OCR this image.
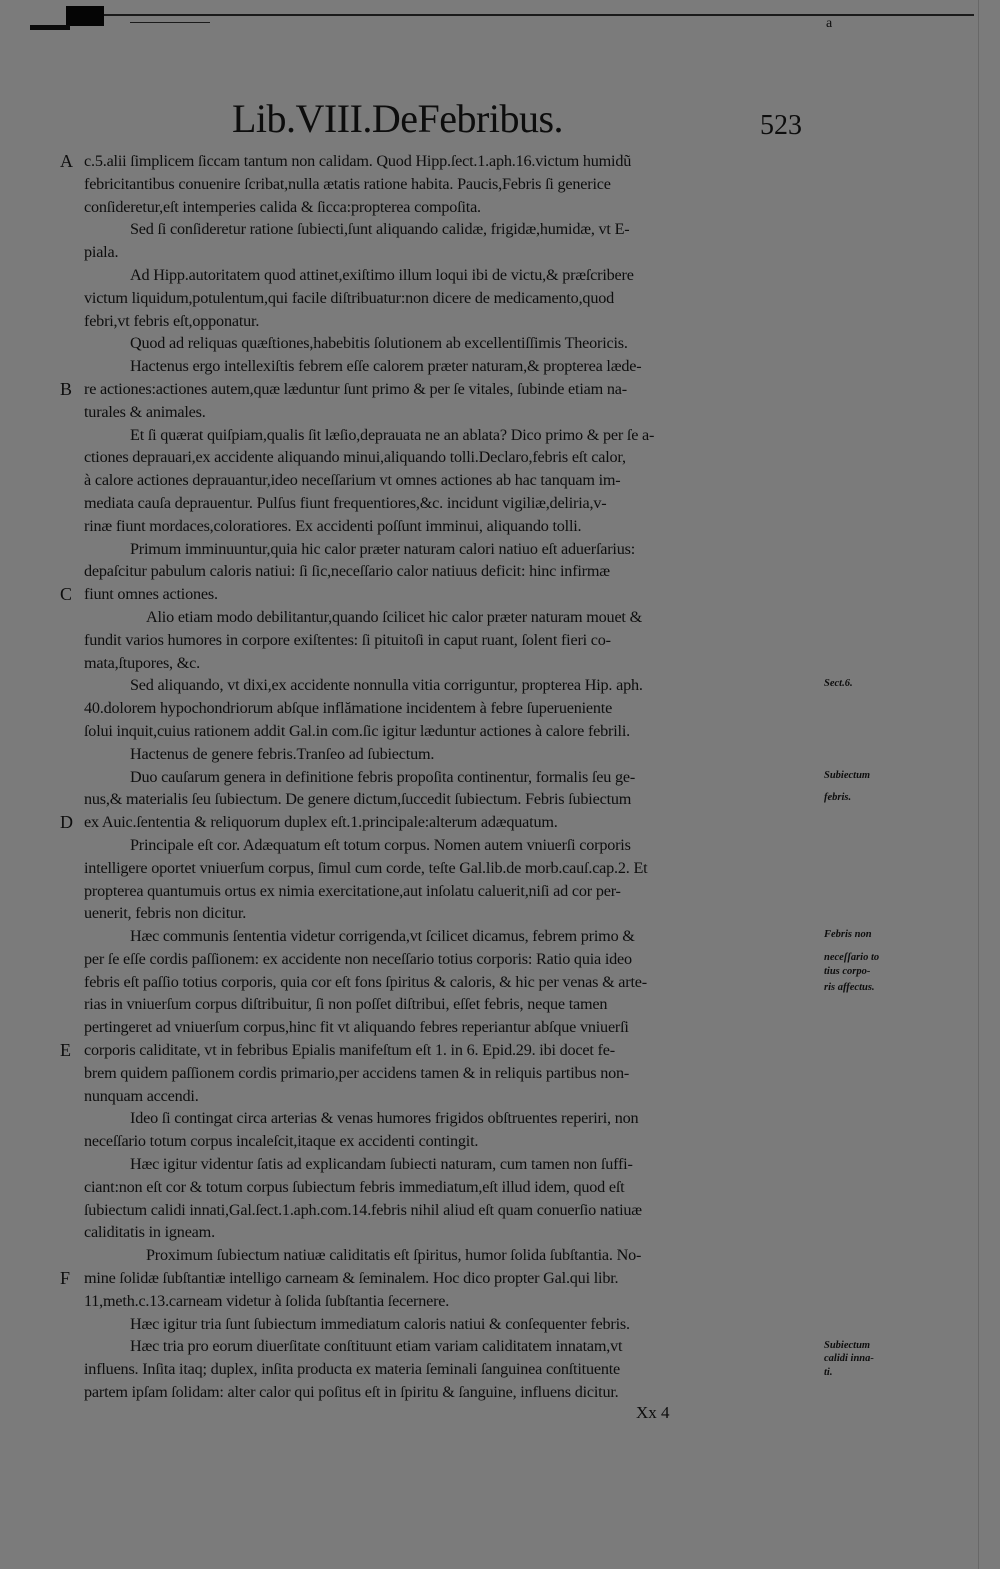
a
Lib.VIII.DeFebribus.	523
A c.5.alii ſimplicem ſiccam tantum non calidam. Quod Hipp.ſect.1.aph.16.victum humidũ
febricitantibus conuenire ſcribat,nulla ætatis ratione habita. Paucis,Febris ſi generice
conſideretur,eſt intemperies calida & ſicca:propterea compoſita.
Sed ſi conſideretur ratione ſubiecti,ſunt aliquando calidæ, frigidæ,humidæ, vt E-
piala.
Ad Hipp.autoritatem quod attinet,exiſtimo illum loqui ibi de victu,& præſcribere
victum liquidum,potulentum,qui facile diſtribuatur:non dicere de medicamento,quod
febri,vt febris eſt,opponatur.
Quod ad reliquas quæſtiones,habebitis ſolutionem ab excellentiſſimis Theoricis.
Hactenus ergo intellexiſtis febrem eſſe calorem præter naturam,& propterea læde-
B re actiones:actiones autem,quæ læduntur ſunt primo & per ſe vitales, ſubinde etiam na-
turales & animales.
Et ſi quærat quiſpiam,qualis ſit læſio,deprauata ne an ablata? Dico primo & per ſe a-
ctiones deprauari,ex accidente aliquando minui,aliquando tolli.Declaro,febris eſt calor,
à calore actiones deprauantur,ideo neceſſarium vt omnes actiones ab hac tanquam im-
mediata cauſa deprauentur. Pulſus fiunt frequentiores,&c. incidunt vigiliæ,deliria,v-
rinæ fiunt mordaces,coloratiores. Ex accidenti poſſunt imminui, aliquando tolli.
Primum imminuuntur,quia hic calor præter naturam calori natiuo eſt aduerſarius:
depaſcitur pabulum caloris natiui: ſi ſic,neceſſario calor natiuus deficit: hinc infirmæ
C fiunt omnes actiones.
Alio etiam modo debilitantur,quando ſcilicet hic calor præter naturam mouet &
fundit varios humores in corpore exiſtentes: ſi pituitoſi in caput ruant, ſolent fieri co-
mata,ſtupores, &c.
Sed aliquando, vt dixi,ex accidente nonnulla vitia corriguntur, propterea Hip. aph.
40.dolorem hypochondriorum abſque inflămatione incidentem à febre ſuperueniente
ſolui inquit,cuius rationem addit Gal.in com.ſic igitur læduntur actiones à calore febrili.
Hactenus de genere febris.Tranſeo ad ſubiectum.
Duo cauſarum genera in definitione febris propoſita continentur, formalis ſeu ge-
nus,& materialis ſeu ſubiectum. De genere dictum,ſuccedit ſubiectum. Febris ſubiectum
D ex Auic.ſententia & reliquorum duplex eſt.1.principale:alterum adæquatum.
Principale eſt cor. Adæquatum eſt totum corpus. Nomen autem vniuerſi corporis
intelligere oportet vniuerſum corpus, ſimul cum corde, teſte Gal.lib.de morb.cauſ.cap.2. Et
propterea quantumuis ortus ex nimia exercitatione,aut inſolatu caluerit,niſi ad cor per-
uenerit, febris non dicitur.
Hæc communis ſententia videtur corrigenda,vt ſcilicet dicamus, febrem primo &
per ſe eſſe cordis paſſionem: ex accidente non neceſſario totius corporis: Ratio quia ideo
febris eſt paſſio totius corporis, quia cor eſt fons ſpiritus & caloris, & hic per venas & arte-
rias in vniuerſum corpus diſtribuitur, ſi non poſſet diſtribui, eſſet febris, neque tamen
pertingeret ad vniuerſum corpus,hinc fit vt aliquando febres reperiantur abſque vniuerſi
E corporis caliditate, vt in febribus Epialis manifeſtum eſt 1. in 6. Epid.29. ibi docet fe-
brem quidem paſſionem cordis primario,per accidens tamen & in reliquis partibus non-
nunquam accendi.
Ideo ſi contingat circa arterias & venas humores frigidos obſtruentes reperiri, non
neceſſario totum corpus incaleſcit,itaque ex accidenti contingit.
Hæc igitur videntur ſatis ad explicandam ſubiecti naturam, cum tamen non ſuffi-
ciant:non eſt cor & totum corpus ſubiectum febris immediatum,eſt illud idem, quod eſt
ſubiectum calidi innati,Gal.ſect.1.aph.com.14.febris nihil aliud eſt quam conuerſio natiuæ
caliditatis in igneam.
Proximum ſubiectum natiuæ caliditatis eſt ſpiritus, humor ſolida ſubſtantia. No-
F mine ſolidæ ſubſtantiæ intelligo carneam & ſeminalem. Hoc dico propter Gal.qui libr.
11,meth.c.13.carneam videtur à ſolida ſubſtantia ſecernere.
Hæc igitur tria ſunt ſubiectum immediatum caloris natiui & conſequenter febris.
Hæc tria pro eorum diuerſitate conſtituunt etiam variam caliditatem innatam,vt
influens. Inſita itaq; duplex, inſita producta ex materia ſeminali ſanguinea conſtituente
partem ipſam ſolidam: alter calor qui poſitus eſt in ſpiritu & ſanguine, influens dicitur.
Sect.6.
Subiectum
febris.
Febris non
neceſſario to
tius corpo-
ris affectus.
Subiectum
calidi inna-
ti.
Xx 4
